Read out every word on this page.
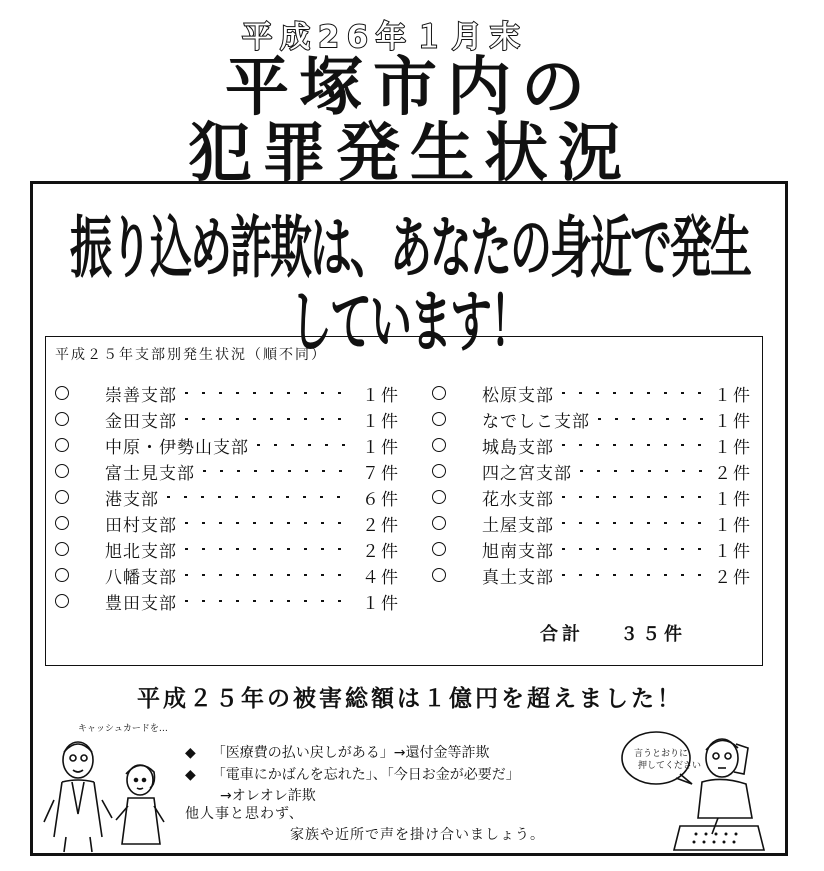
平成26年１月末
平塚市内の
犯罪発生状況
振り込め詐欺は、あなたの身近で発生しています！
平成２５年支部別発生状況（順不同）
崇善支部	１件
金田支部	１件
中原・伊勢山支部	１件
富士見支部	７件
港支部	６件
田村支部	２件
旭北支部	２件
八幡支部	４件
豊田支部	１件
松原支部	１件
なでしこ支部	１件
城島支部	１件
四之宮支部	２件
花水支部	１件
土屋支部	１件
旭南支部	１件
真土支部	２件
合計 ３５件
平成２５年の被害総額は１億円を超えました！
◆ 「医療費の払い戻しがある」→還付金等詐欺
◆ 「電車にかばんを忘れた」、「今日お金が必要だ」
→オレオレ詐欺
他人事と思わず、
家族や近所で声を掛け合いましょう。
キャッシュカードを…
言うとおりに
押してください
